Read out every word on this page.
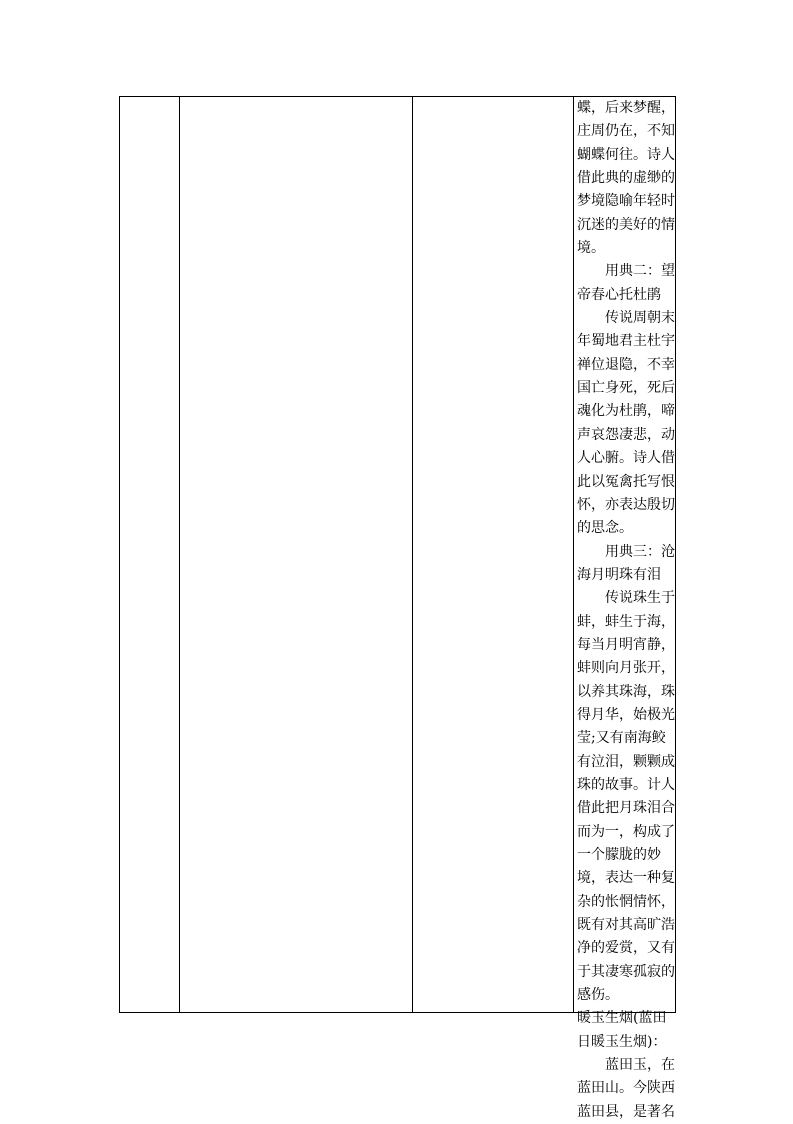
蝶，后来梦醒，
庄周仍在，不知
蝴蝶何往。诗人
借此典的虚缈的
梦境隐喻年轻时
沉迷的美好的情
境。
用典二：望
帝春心托杜鹃
传说周朝末
年蜀地君主杜宇
禅位退隐，不幸
国亡身死，死后
魂化为杜鹃，啼
声哀怨凄悲，动
人心腑。诗人借
此以冤禽托写恨
怀，亦表达殷切
的思念。
用典三：沧
海月明珠有泪
传说珠生于
蚌，蚌生于海，
每当月明宵静，
蚌则向月张开，
以养其珠海，珠
得月华，始极光
莹;又有南海鲛
有泣泪，颗颗成
珠的故事。计人
借此把月珠泪合
而为一，构成了
一个朦胧的妙
境，表达一种复
杂的怅惘情怀，
既有对其高旷浩
净的爱赏，又有
于其凄寒孤寂的
感伤。
暖玉生烟(蓝田
日暖玉生烟)：
蓝田玉，在
蓝田山。今陕西
蓝田县，是著名
